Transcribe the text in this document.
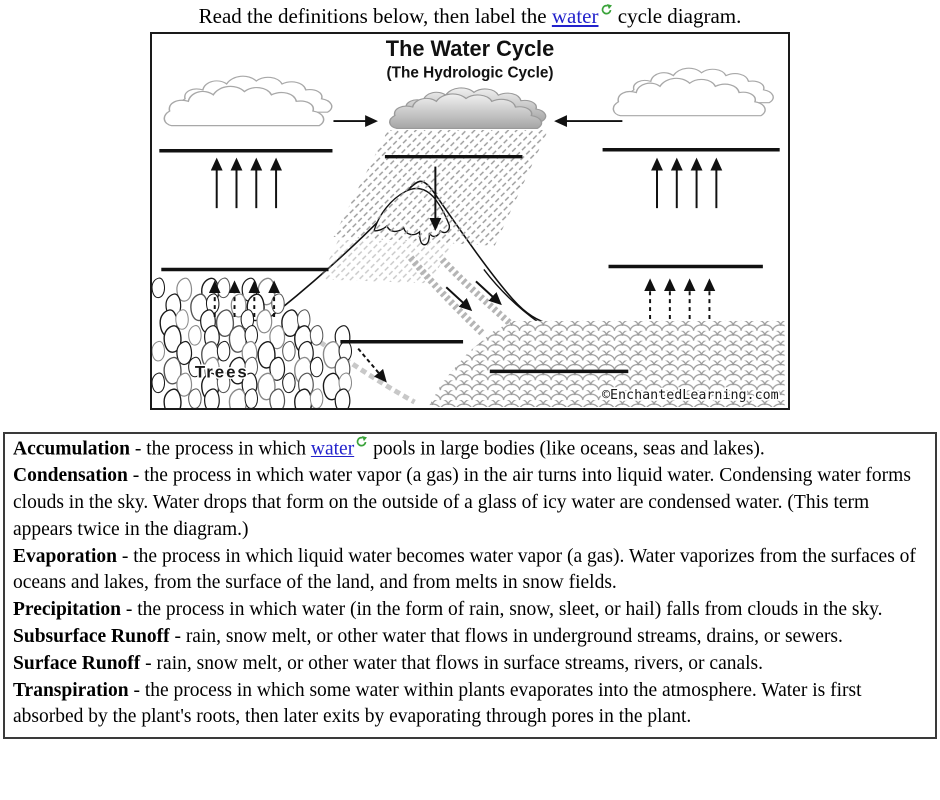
Read the definitions below, then label the water cycle diagram.
Trees
The Water Cycle
(The Hydrologic Cycle)
©EnchantedLearning.com

Accumulation - the process in which water pools in large bodies (like oceans, seas and lakes).

Condensation - the process in which water vapor (a gas) in the air turns into liquid water. Condensing water forms clouds in the sky. Water drops that form on the outside of a glass of icy water are condensed water. (This term appears twice in the diagram.)

Evaporation - the process in which liquid water becomes water vapor (a gas). Water vaporizes from the surfaces of oceans and lakes, from the surface of the land, and from melts in snow fields.

Precipitation - the process in which water (in the form of rain, snow, sleet, or hail) falls from clouds in the sky.

Subsurface Runoff - rain, snow melt, or other water that flows in underground streams, drains, or sewers.

Surface Runoff - rain, snow melt, or other water that flows in surface streams, rivers, or canals.

Transpiration - the process in which some water within plants evaporates into the atmosphere. Water is first absorbed by the plant's roots, then later exits by evaporating through pores in the plant.
